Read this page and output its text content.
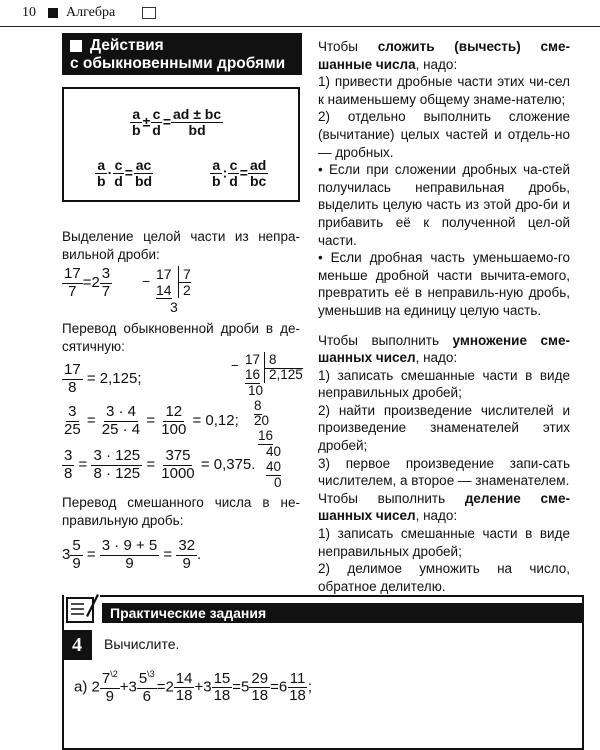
10 Алгебра
Действия
с обыкновенными дробями
$\frac{a}{b} \pm \frac{c}{d} = \frac{ad \pm bc}{bd}$
$\frac{a}{b} \cdot \frac{c}{d} = \frac{ac}{bd}$	$\frac{a}{b}$ : $\frac{c}{d} = \frac{ad}{bc}$
Выделение целой части из непра-вильной дроби:
$\frac{17}{7} =2 \frac{3}{7} - 17$ 7
14 2
3
Перевод обыкновенной дроби в де-сятичную:
$\frac{17}{8} = 2,125$;
$\frac{3}{25} = \frac{3 \cdot 4}{25 \cdot 4} = \frac{12}{100} = 0,12$;
$\frac{3}{8} = \frac{3 \cdot 125}{8 \cdot 125} = \frac{375}{1000} = 0,375$.
− 17 8
16 2,125
10
8
20
16
40
40
0
Перевод смешанного числа в не-правильную дробь:
$3 \frac{5}{9} = \frac{3 \cdot 9 + 5}{9} = \frac{32}{9}$ .

Чтобы сложить (вычесть) сме-шанные числа, надо:

1) привести дробные части этих чи-сел к наименьшему общему знаме-нателю;

2) отдельно выполнить сложение (вычитание) целых частей и отдель-но — дробных.

• Если при сложении дробных ча-стей получилась неправильная дробь, выделить целую часть из этой дро-би и прибавить её к полученной цел-ой части.

• Если дробная часть уменьшаемо-го меньше дробной части вычита-емого, превратить её в неправиль-ную дробь, уменьшив на единицу целую часть.

Чтобы выполнить умножение сме-шанных чисел, надо:

1) записать смешанные части в виде неправильных дробей;

2) найти произведение числителей и произведение знаменателей этих дробей;

3) первое произведение запи-сать числителем, а второе — знаменателем.

Чтобы выполнить деление сме-шанных чисел, надо:

1) записать смешанные части в виде неправильных дробей;

2) делимое умножить на число, обратное делителю.

Практические задания
4	Вычислите.
а) $2 \frac{7^{\backslash 2}}{9} +3 \frac{5^{\backslash 3}}{6} =2 \frac{14}{18} +3 \frac{15}{18} =5 \frac{29}{18} =6 \frac{11}{18}$ ;
